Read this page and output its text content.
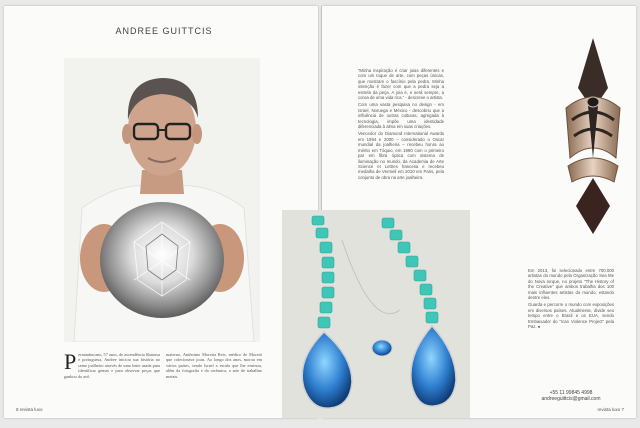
ANDREE GUITTCIS
P ernambucano, 57 anos, de ascendência libanesa e portuguesa, Andree iniciou sua história no ramo joalheiro através de uma lente usada para identificar gemas e para observar peças que ganhou do avô.
materno, Antônimo Moreira Reis, médico de Maceió que colecionava joias. Ao longo dos anos, morou em vários países, sendo Israel a escala que lhe ensinou, além da fotografia e da cerâmica, a arte de trabalhar metais.
8 revista luxo

“Minha inspiração é criar joias diferentes e com um toque de arte, com peças únicas, que mostram o fascínio pela pedra. Minha intenção é fazer com que a pedra seja a estrela da peça. A joia é, e será sempre, a coroa de uma vida rica.” - descreve o artista.

Com uma vasta pesquisa no design - em Israel, Noruega e México - descobriu que a influência de outras culturas, agregada à tecnologia, impõe uma identidade diferenciada à alma em suas criações.

Vencedor do Diamond International Awards em 1994 e 2000 – considerado o Oscar mundial da joalheria – recebeu honra ao mérito em Tóquio, em 1990 com o primeiro par em fibra óptica com sistema de iluminação no mundo, da Academia de Arte Science et Lettres francesa e recebeu medalha de Vermeil em 2010 em Paris, pela conjunto de obra na arte joalheira.

Em 2013, foi selecionado entre 700.000 artistas do mundo pela Organização Sea Me do Nova Iorque, no projeto "The History of the Creative" que ambos trabalha dos 100 mais influentes artistas do mundo, estando dentre eles.

Guarda e percorre o mundo com exposições em diversos países. Atualmente, divide seu tempo entre o Brasil e os EUA, sendo Embaixador do "Ican Violence Project" pela Paz. ●

+55 11 99845 4998
andreeguittcis@gmail.com
revista luxo 7
